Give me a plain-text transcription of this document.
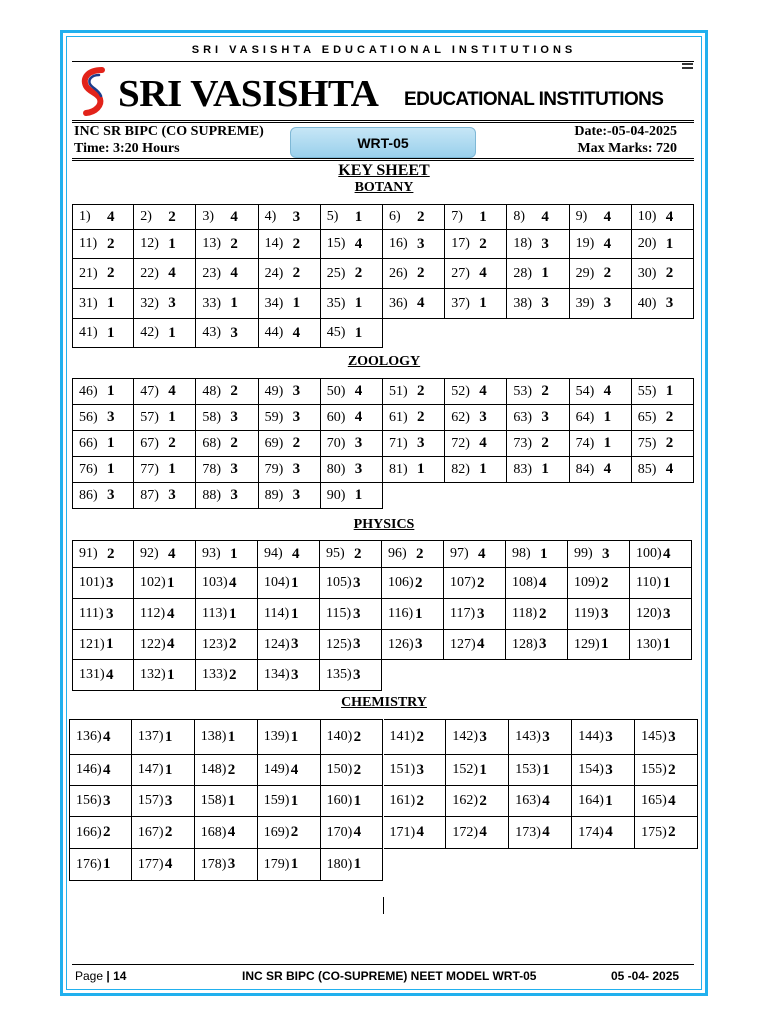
SRI VASISHTA EDUCATIONAL INSTITUTIONS
SRI VASISHTA EDUCATIONAL INSTITUTIONS
INC SR BIPC (CO SUPREME)
Time: 3:20 Hours	WRT-05
Date:-05-04-2025
Max Marks: 720
KEY SHEET
BOTANY
1)	4 2)	2 3)	4 4)	3 5)	1 6)	2 7)	1 8)	4 9)	4 10) 4
11) 2 12) 1 13) 2 14) 2 15) 4 16) 3 17) 2 18) 3 19) 4 20) 1
21) 2 22) 4 23) 4 24) 2 25) 2 26) 2 27) 4 28) 1 29) 2 30) 2
31) 1 32) 3 33) 1 34) 1 35) 1 36) 4 37) 1 38) 3 39) 3 40) 3
41) 1 42) 1 43) 3 44) 4 45) 1
ZOOLOGY
46) 1 47) 4 48) 2 49) 3 50) 4 51) 2 52) 4 53) 2 54) 4 55) 1
56) 3 57) 1 58) 3 59) 3 60) 4 61) 2 62) 3 63) 3 64) 1 65) 2
66) 1 67) 2 68) 2 69) 2 70) 3 71) 3 72) 4 73) 2 74) 1 75) 2
76) 1 77) 1 78) 3 79) 3 80) 3 81) 1 82) 1 83) 1 84) 4 85) 4
86) 3 87) 3 88) 3 89) 3 90) 1
PHYSICS
91) 2 92) 4 93) 1 94) 4 95) 2 96) 2 97) 4 98) 1 99) 3 100) 4
101) 3 102) 1 103) 4 104) 1 105) 3 106) 2 107) 2 108) 4 109) 2 110) 1
111) 3 112) 4 113) 1 114) 1 115) 3 116) 1 117) 3 118) 2 119) 3 120) 3
121) 1 122) 4 123) 2 124) 3 125) 3 126) 3 127) 4 128) 3 129) 1 130) 1
131) 4 132) 1 133) 2 134) 3 135) 3
CHEMISTRY
136) 4 137) 1 138) 1 139) 1 140) 2 141) 2 142) 3 143) 3 144) 3 145) 3
146) 4 147) 1 148) 2 149) 4 150) 2 151) 3 152) 1 153) 1 154) 3 155) 2
156) 3 157) 3 158) 1 159) 1 160) 1 161) 2 162) 2 163) 4 164) 1 165) 4
166) 2 167) 2 168) 4 169) 2 170) 4 171) 4 172) 4 173) 4 174) 4 175) 2
176) 1 177) 4 178) 3 179) 1 180) 1
Page | 14	INC SR BIPC (CO-SUPREME) NEET MODEL WRT-05	05 -04- 2025
